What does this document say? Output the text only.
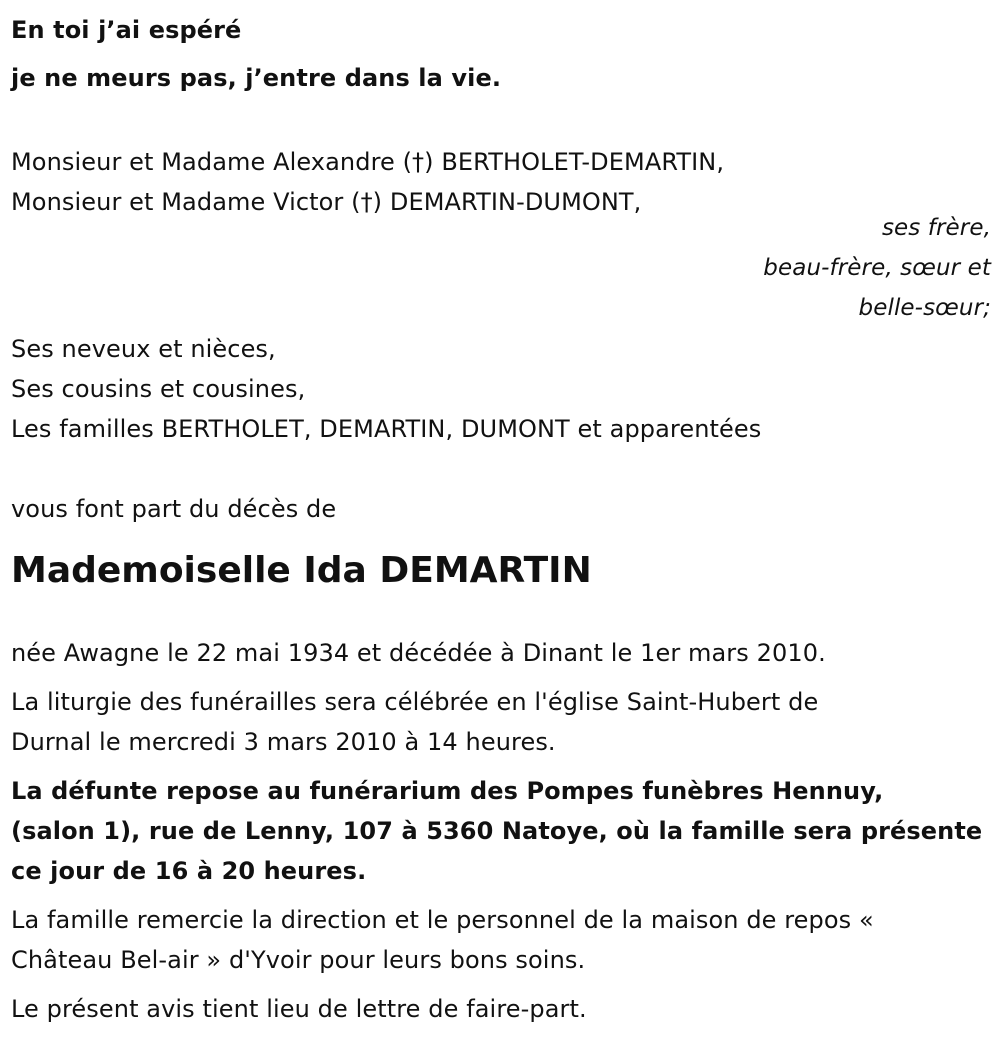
En toi j’ai espéré
je ne meurs pas, j’entre dans la vie.
Monsieur et Madame Alexandre (†) BERTHOLET-DEMARTIN,
Monsieur et Madame Victor (†) DEMARTIN-DUMONT,
ses frère,
beau-frère, sœur et
belle-sœur;
Ses neveux et nièces,
Ses cousins et cousines,
Les familles BERTHOLET, DEMARTIN, DUMONT et apparentées
vous font part du décès de
Mademoiselle Ida DEMARTIN
née Awagne le 22 mai 1934 et décédée à Dinant le 1er mars 2010.
La liturgie des funérailles sera célébrée en l'église Saint-Hubert de
Durnal le mercredi 3 mars 2010 à 14 heures.
La défunte repose au funérarium des Pompes funèbres Hennuy,
(salon 1), rue de Lenny, 107 à 5360 Natoye, où la famille sera présente
ce jour de 16 à 20 heures.
La famille remercie la direction et le personnel de la maison de repos «
Château Bel-air » d'Yvoir pour leurs bons soins.
Le présent avis tient lieu de lettre de faire-part.
